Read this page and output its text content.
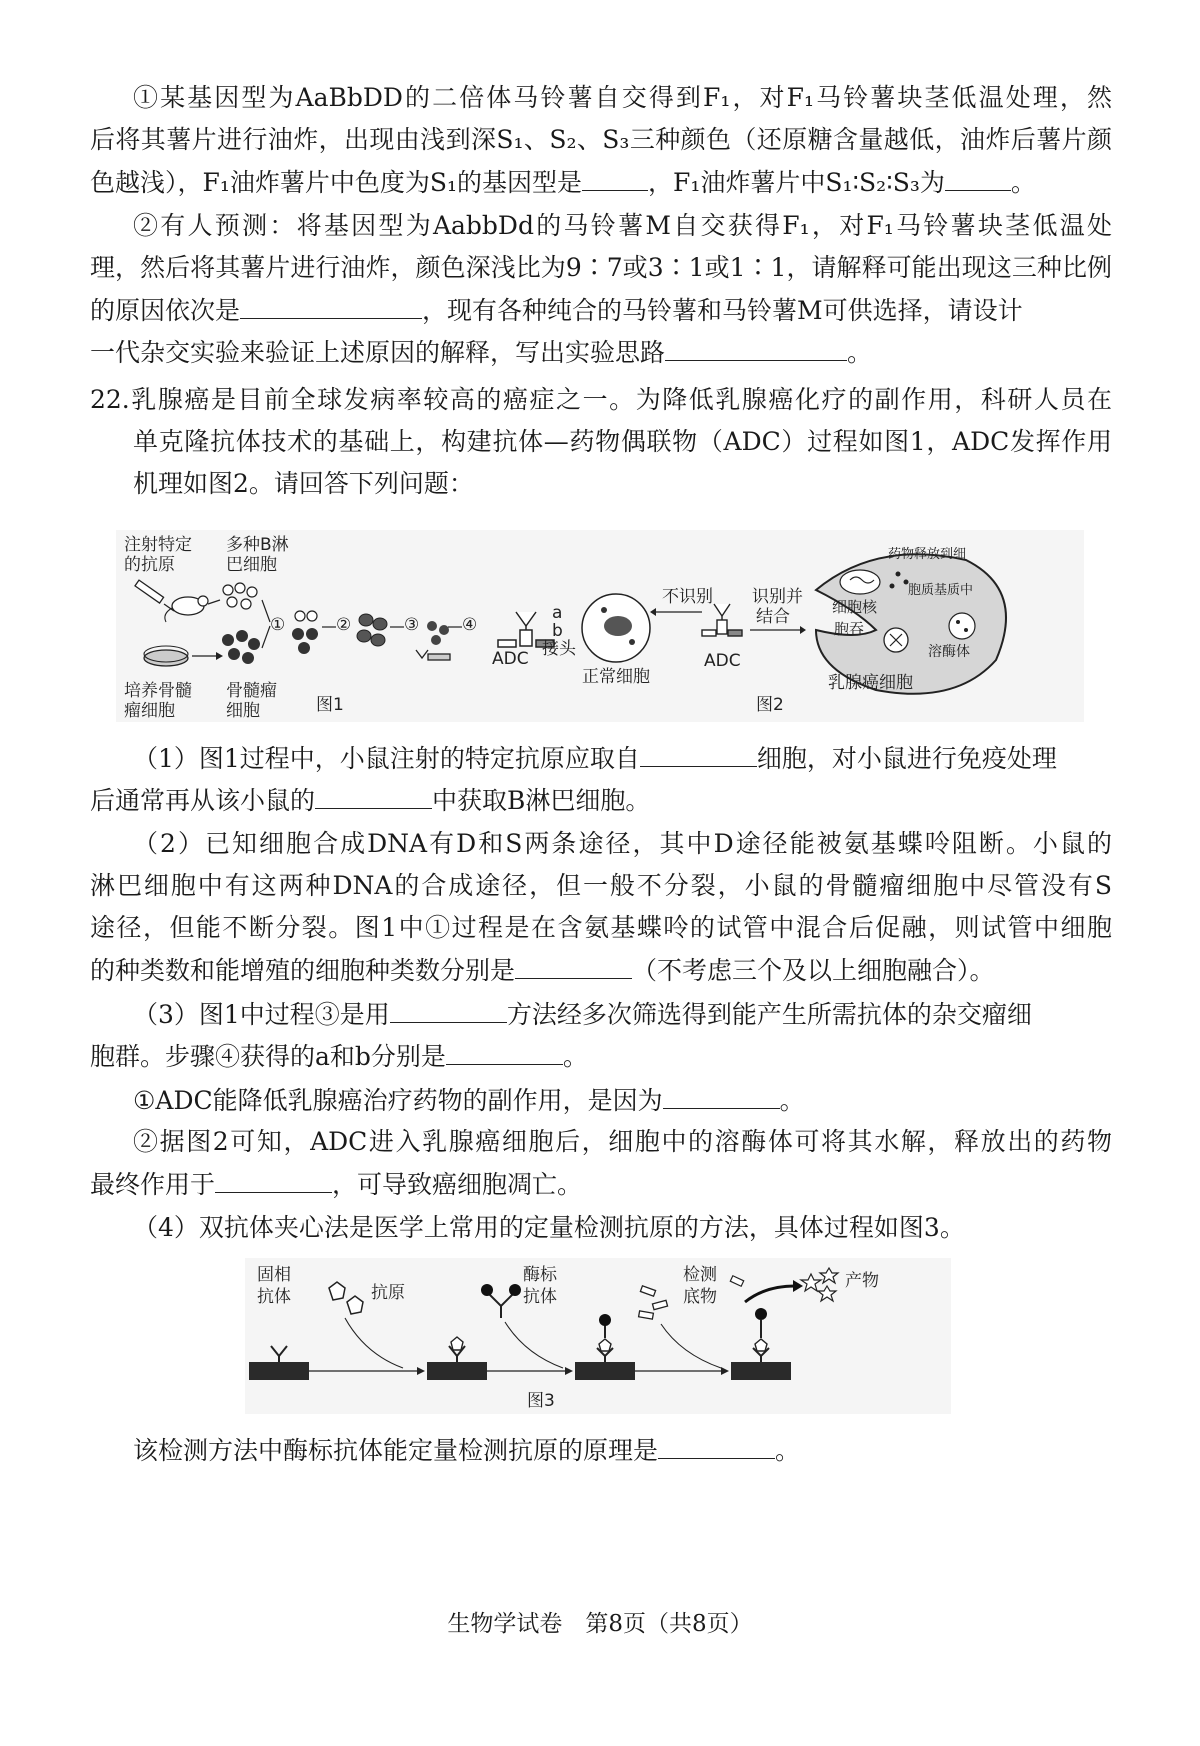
①某基因型为AaBbDD的二倍体马铃薯自交得到F₁，对F₁马铃薯块茎低温处理，然
后将其薯片进行油炸，出现由浅到深S₁、S₂、S₃三种颜色（还原糖含量越低，油炸后薯片颜
色越浅），F₁油炸薯片中色度为S₁的基因型是	，F₁油炸薯片中S₁∶S₂∶S₃为	。
②有人预测：将基因型为AabbDd的马铃薯M自交获得F₁，对F₁马铃薯块茎低温处
理，然后将其薯片进行油炸，颜色深浅比为9∶7或3∶1或1∶1，请解释可能出现这三种比例
的原因依次是	，现有各种纯合的马铃薯和马铃薯M可供选择，请设计
一代杂交实验来验证上述原因的解释，写出实验思路	。
22.乳腺癌是目前全球发病率较高的癌症之一。为降低乳腺癌化疗的副作用，科研人员在
单克隆抗体技术的基础上，构建抗体—药物偶联物（ADC）过程如图1，ADC发挥作用
机理如图2。请回答下列问题：
注射特定
的抗原
多种B淋
巴细胞
培养骨髓
瘤细胞
骨髓瘤
细胞
①	②	③	④
a
b
接头
ADC
图1
正常细胞
不识别
ADC
识别并
结合	细胞核
胞吞
药物释放到细
胞质基质中
溶酶体
乳腺癌细胞
图2
（1）图1过程中，小鼠注射的特定抗原应取自	细胞，对小鼠进行免疫处理
后通常再从该小鼠的	中获取B淋巴细胞。
（2）已知细胞合成DNA有D和S两条途径，其中D途径能被氨基蝶呤阻断。小鼠的
淋巴细胞中有这两种DNA的合成途径，但一般不分裂，小鼠的骨髓瘤细胞中尽管没有S
途径，但能不断分裂。图1中①过程是在含氨基蝶呤的试管中混合后促融，则试管中细胞
的种类数和能增殖的细胞种类数分别是	（不考虑三个及以上细胞融合）。
（3）图1中过程③是用	方法经多次筛选得到能产生所需抗体的杂交瘤细
胞群。步骤④获得的a和b分别是	。
①ADC能降低乳腺癌治疗药物的副作用，是因为	。
②据图2可知，ADC进入乳腺癌细胞后，细胞中的溶酶体可将其水解，释放出的药物
最终作用于	，可导致癌细胞凋亡。
（4）双抗体夹心法是医学上常用的定量检测抗原的方法，具体过程如图3。
固相
抗体	抗原
酶标
抗体
检测
底物
产物
图3
该检测方法中酶标抗体能定量检测抗原的原理是	。
生物学试卷　第8页（共8页）
